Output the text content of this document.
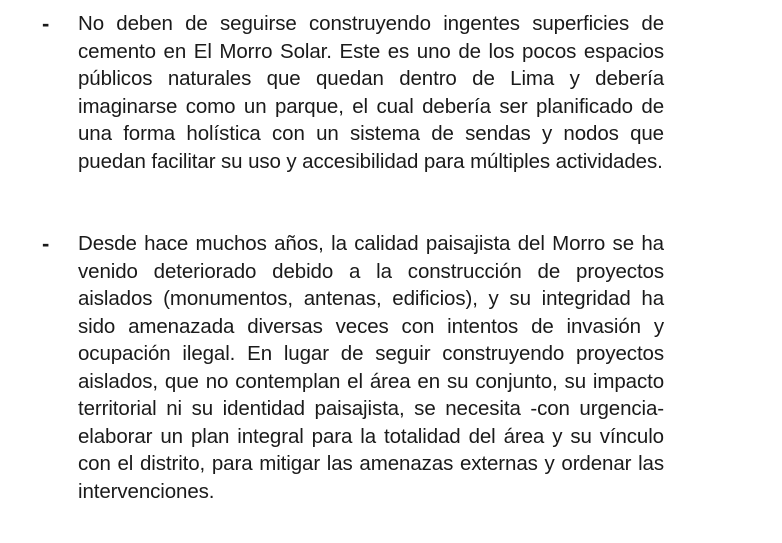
- No deben de seguirse construyendo ingentes superficies de cemento en El Morro Solar. Este es uno de los pocos espacios públicos naturales que quedan dentro de Lima y debería imaginarse como un parque, el cual debería ser planificado de una forma holística con un sistema de sendas y nodos que puedan facilitar su uso y accesibilidad para múltiples actividades.

- Desde hace muchos años, la calidad paisajista del Morro se ha venido deteriorado debido a la construcción de proyectos aislados (monumentos, antenas, edificios), y su integridad ha sido amenazada diversas veces con intentos de invasión y ocupación ilegal. En lugar de seguir construyendo proyectos aislados, que no contemplan el área en su conjunto, su impacto territorial ni su identidad paisajista, se necesita -con urgencia- elaborar un plan integral para la totalidad del área y su vínculo con el distrito, para mitigar las amenazas externas y ordenar las intervenciones.
